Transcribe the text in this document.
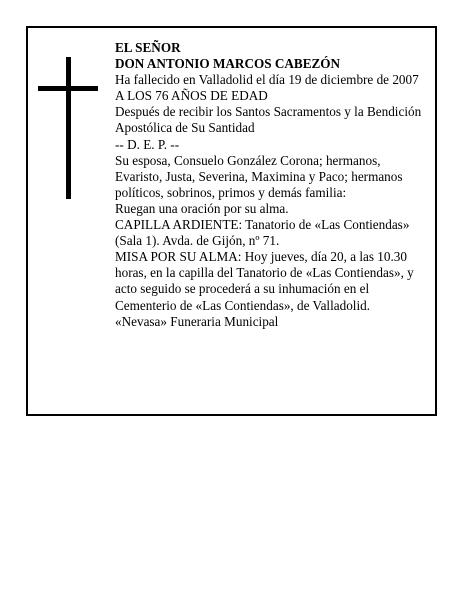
EL SEÑOR

DON ANTONIO MARCOS CABEZÓN

Ha fallecido en Valladolid el día 19 de diciembre de 2007

A LOS 76 AÑOS DE EDAD

Después de recibir los Santos Sacramentos y la Bendición Apostólica de Su Santidad

-- D. E. P. --

Su esposa, Consuelo González Corona; hermanos, Evaristo, Justa, Severina, Maximina y Paco; hermanos políticos, sobrinos, primos y demás familia:

Ruegan una oración por su alma.

CAPILLA ARDIENTE: Tanatorio de «Las Contiendas» (Sala 1). Avda. de Gijón, nº 71.

MISA POR SU ALMA: Hoy jueves, día 20, a las 10.30 horas, en la capilla del Tanatorio de «Las Contiendas», y acto seguido se procederá a su inhumación en el Cementerio de «Las Contiendas», de Valladolid.

«Nevasa» Funeraria Municipal
